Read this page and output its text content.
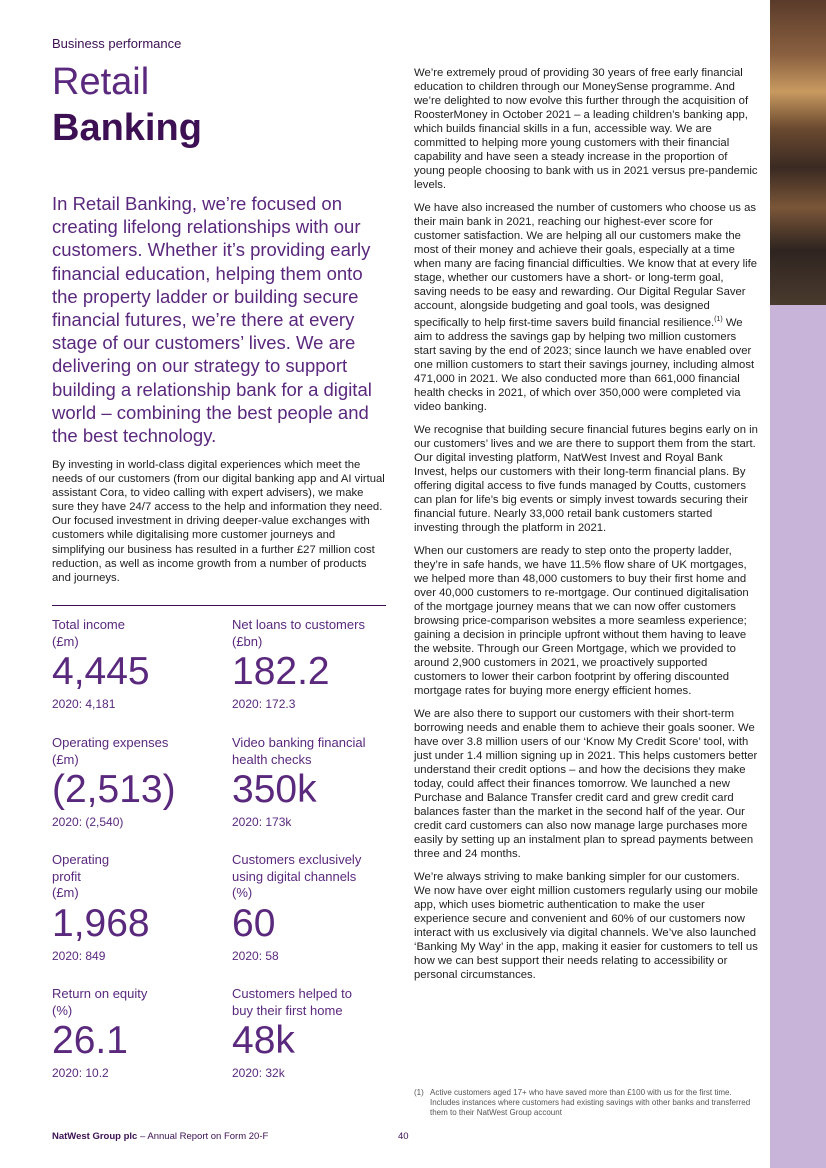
Business performance
Retail
Banking

In Retail Banking, we’re focused on creating lifelong relationships with our customers. Whether it’s providing early financial education, helping them onto the property ladder or building secure financial futures, we’re there at every stage of our customers’ lives. We are delivering on our strategy to support building a relationship bank for a digital world – combining the best people and the best technology.

By investing in world-class digital experiences which meet the needs of our customers (from our digital banking app and AI virtual assistant Cora, to video calling with expert advisers), we make sure they have 24/7 access to the help and information they need. Our focused investment in driving deeper-value exchanges with customers while digitalising more customer journeys and simplifying our business has resulted in a further £27 million cost reduction, as well as income growth from a number of products and journeys.

Total income
(£m)
4,445
2020: 4,181
Net loans to customers
(£bn)
182.2
2020: 172.3
Operating expenses
(£m)
(2,513)
2020: (2,540)
Video banking financial
health checks
350k
2020: 173k
Operating
profit
(£m)
1,968
2020: 849
Customers exclusively
using digital channels
(%)
60
2020: 58
Return on equity
(%)
26.1
2020: 10.2
Customers helped to
buy their first home
48k
2020: 32k

We’re extremely proud of providing 30 years of free early financial education to children through our MoneySense programme. And we’re delighted to now evolve this further through the acquisition of RoosterMoney in October 2021 – a leading children’s banking app, which builds financial skills in a fun, accessible way. We are committed to helping more young customers with their financial capability and have seen a steady increase in the proportion of young people choosing to bank with us in 2021 versus pre-pandemic levels.

We have also increased the number of customers who choose us as their main bank in 2021, reaching our highest-ever score for customer satisfaction. We are helping all our customers make the most of their money and achieve their goals, especially at a time when many are facing financial difficulties. We know that at every life stage, whether our customers have a short- or long-term goal, saving needs to be easy and rewarding. Our Digital Regular Saver account, alongside budgeting and goal tools, was designed specifically to help first-time savers build financial resilience.$^{(1)}$ We aim to address the savings gap by helping two million customers start saving by the end of 2023; since launch we have enabled over one million customers to start their savings journey, including almost 471,000 in 2021. We also conducted more than 661,000 financial health checks in 2021, of which over 350,000 were completed via video banking.

We recognise that building secure financial futures begins early on in our customers’ lives and we are there to support them from the start. Our digital investing platform, NatWest Invest and Royal Bank Invest, helps our customers with their long-term financial plans. By offering digital access to five funds managed by Coutts, customers can plan for life’s big events or simply invest towards securing their financial future. Nearly 33,000 retail bank customers started investing through the platform in 2021.

When our customers are ready to step onto the property ladder, they’re in safe hands, we have 11.5% flow share of UK mortgages, we helped more than 48,000 customers to buy their first home and over 40,000 customers to re-mortgage. Our continued digitalisation of the mortgage journey means that we can now offer customers browsing price-comparison websites a more seamless experience; gaining a decision in principle upfront without them having to leave the website. Through our Green Mortgage, which we provided to around 2,900 customers in 2021, we proactively supported customers to lower their carbon footprint by offering discounted mortgage rates for buying more energy efficient homes.

We are also there to support our customers with their short-term borrowing needs and enable them to achieve their goals sooner. We have over 3.8 million users of our ‘Know My Credit Score’ tool, with just under 1.4 million signing up in 2021. This helps customers better understand their credit options – and how the decisions they make today, could affect their finances tomorrow. We launched a new Purchase and Balance Transfer credit card and grew credit card balances faster than the market in the second half of the year. Our credit card customers can also now manage large purchases more easily by setting up an instalment plan to spread payments between three and 24 months.

We’re always striving to make banking simpler for our customers. We now have over eight million customers regularly using our mobile app, which uses biometric authentication to make the user experience secure and convenient and 60% of our customers now interact with us exclusively via digital channels. We’ve also launched ‘Banking My Way’ in the app, making it easier for customers to tell us how we can best support their needs relating to accessibility or personal circumstances.

(1) Active customers aged 17+ who have saved more than £100 with us for the first time. Includes instances where customers had existing savings with other banks and transferred them to their NatWest Group account
NatWest Group plc – Annual Report on Form 20-F	40
